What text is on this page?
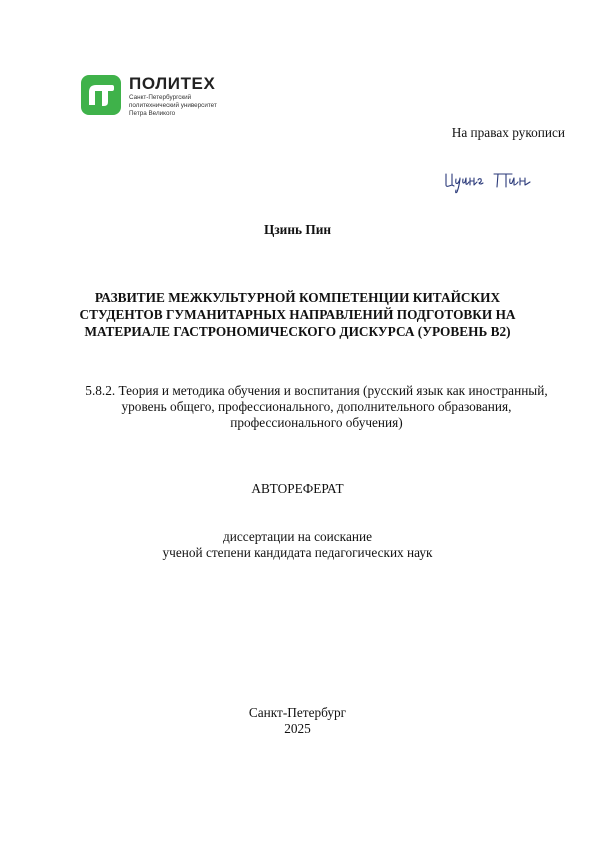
ПОЛИТЕХ
Санкт-Петербургский
политехнический университет
Петра Великого
На правах рукописи
Цзинь Пин
РАЗВИТИЕ МЕЖКУЛЬТУРНОЙ КОМПЕТЕНЦИИ КИТАЙСКИХ
СТУДЕНТОВ ГУМАНИТАРНЫХ НАПРАВЛЕНИЙ ПОДГОТОВКИ НА
МАТЕРИАЛЕ ГАСТРОНОМИЧЕСКОГО ДИСКУРСА (УРОВЕНЬ В2)
5.8.2. Теория и методика обучения и воспитания (русский язык как иностранный,
уровень общего, профессионального, дополнительного образования,
профессионального обучения)
АВТОРЕФЕРАТ
диссертации на соискание
ученой степени кандидата педагогических наук
Санкт-Петербург
2025
